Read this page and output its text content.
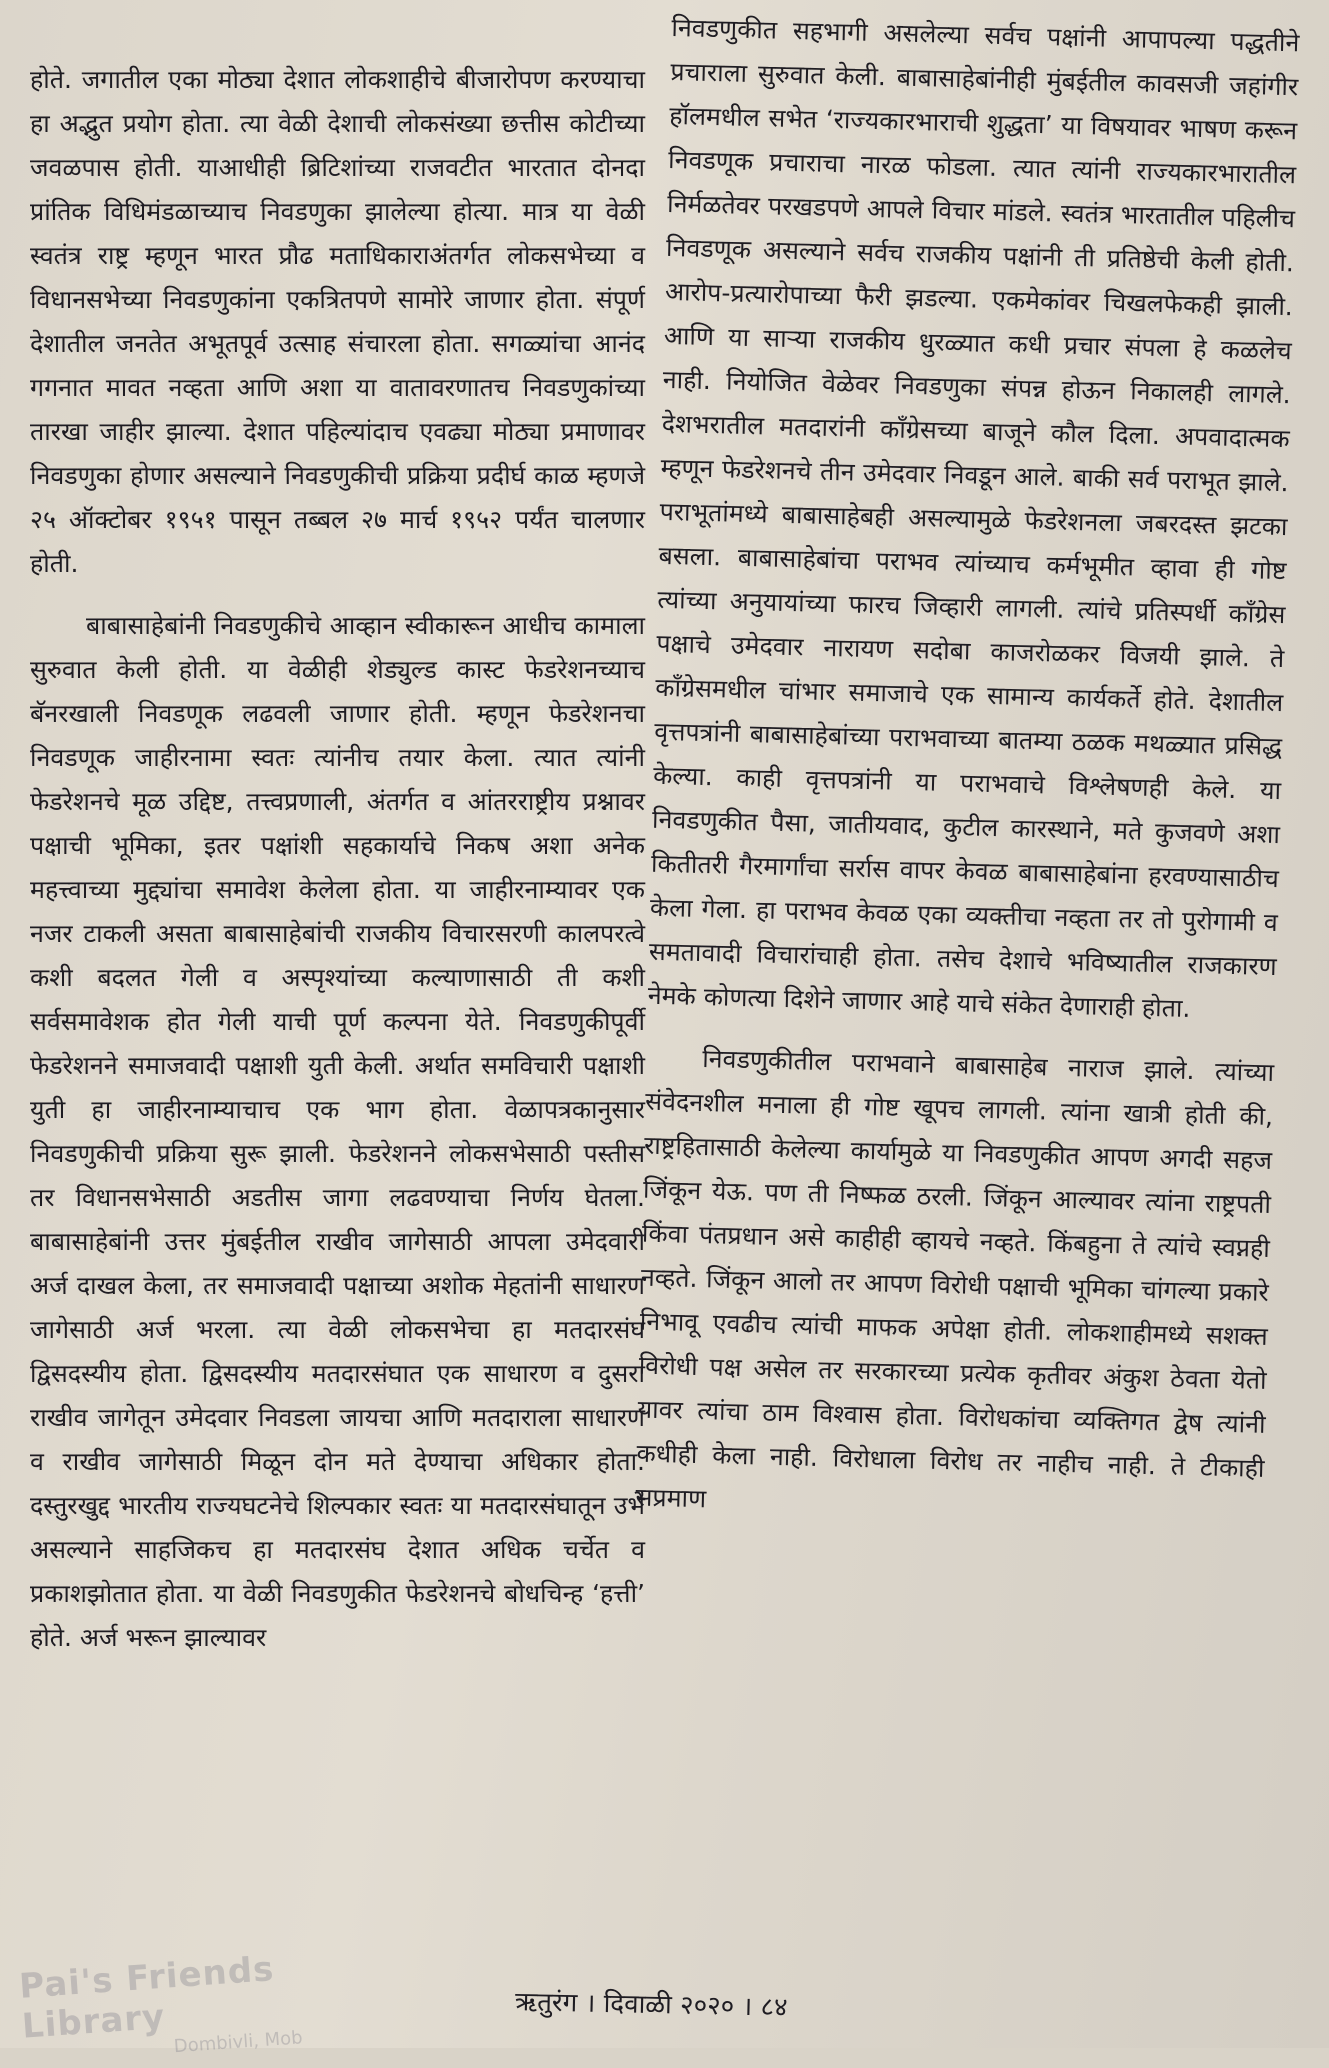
होते. जगातील एका मोठ्या देशात लोकशाहीचे बीजारोपण करण्याचा हा अद्भुत प्रयोग होता. त्या वेळी देशाची लोकसंख्या छत्तीस कोटीच्या जवळपास होती. याआधीही ब्रिटिशांच्या राजवटीत भारतात दोनदा प्रांतिक विधिमंडळाच्याच निवडणुका झालेल्या होत्या. मात्र या वेळी स्वतंत्र राष्ट्र म्हणून भारत प्रौढ मताधिकाराअंतर्गत लोकसभेच्या व विधानसभेच्या निवडणुकांना एकत्रितपणे सामोरे जाणार होता. संपूर्ण देशातील जनतेत अभूतपूर्व उत्साह संचारला होता. सगळ्यांचा आनंद गगनात मावत नव्हता आणि अशा या वातावरणातच निवडणुकांच्या तारखा जाहीर झाल्या. देशात पहिल्यांदाच एवढ्या मोठ्या प्रमाणावर निवडणुका होणार असल्याने निवडणुकीची प्रक्रिया प्रदीर्घ काळ म्हणजे २५ ऑक्टोबर १९५१ पासून तब्बल २७ मार्च १९५२ पर्यंत चालणार होती.

बाबासाहेबांनी निवडणुकीचे आव्हान स्वीकारून आधीच कामाला सुरुवात केली होती. या वेळीही शेड्युल्ड कास्ट फेडरेशनच्याच बॅनरखाली निवडणूक लढवली जाणार होती. म्हणून फेडरेशनचा निवडणूक जाहीरनामा स्वतः त्यांनीच तयार केला. त्यात त्यांनी फेडरेशनचे मूळ उद्दिष्ट, तत्त्वप्रणाली, अंतर्गत व आंतरराष्ट्रीय प्रश्नावर पक्षाची भूमिका, इतर पक्षांशी सहकार्याचे निकष अशा अनेक महत्त्वाच्या मुद्द्यांचा समावेश केलेला होता. या जाहीरनाम्यावर एक नजर टाकली असता बाबासाहेबांची राजकीय विचारसरणी कालपरत्वे कशी बदलत गेली व अस्पृश्यांच्या कल्याणासाठी ती कशी सर्वसमावेशक होत गेली याची पूर्ण कल्पना येते. निवडणुकीपूर्वी फेडरेशनने समाजवादी पक्षाशी युती केली. अर्थात समविचारी पक्षाशी युती हा जाहीरनाम्याचाच एक भाग होता. वेळापत्रकानुसार निवडणुकीची प्रक्रिया सुरू झाली. फेडरेशनने लोकसभेसाठी पस्तीस तर विधानसभेसाठी अडतीस जागा लढवण्याचा निर्णय घेतला. बाबासाहेबांनी उत्तर मुंबईतील राखीव जागेसाठी आपला उमेदवारी अर्ज दाखल केला, तर समाजवादी पक्षाच्या अशोक मेहतांनी साधारण जागेसाठी अर्ज भरला. त्या वेळी लोकसभेचा हा मतदारसंघ द्विसदस्यीय होता. द्विसदस्यीय मतदारसंघात एक साधारण व दुसरा राखीव जागेतून उमेदवार निवडला जायचा आणि मतदाराला साधारण व राखीव जागेसाठी मिळून दोन मते देण्याचा अधिकार होता. दस्तुरखुद्द भारतीय राज्यघटनेचे शिल्पकार स्वतः या मतदारसंघातून उभे असल्याने साहजिकच हा मतदारसंघ देशात अधिक चर्चेत व प्रकाशझोतात होता. या वेळी निवडणुकीत फेडरेशनचे बोधचिन्ह ‘हत्ती’ होते. अर्ज भरून झाल्यावर

निवडणुकीत सहभागी असलेल्या सर्वच पक्षांनी आपापल्या पद्धतीने प्रचाराला सुरुवात केली. बाबासाहेबांनीही मुंबईतील कावसजी जहांगीर हॉलमधील सभेत ‘राज्यकारभाराची शुद्धता’ या विषयावर भाषण करून निवडणूक प्रचाराचा नारळ फोडला. त्यात त्यांनी राज्यकारभारातील निर्मळतेवर परखडपणे आपले विचार मांडले. स्वतंत्र भारतातील पहिलीच निवडणूक असल्याने सर्वच राजकीय पक्षांनी ती प्रतिष्ठेची केली होती. आरोप-प्रत्यारोपाच्या फैरी झडल्या. एकमेकांवर चिखलफेकही झाली. आणि या साऱ्या राजकीय धुरळ्यात कधी प्रचार संपला हे कळलेच नाही. नियोजित वेळेवर निवडणुका संपन्न होऊन निकालही लागले. देशभरातील मतदारांनी काँग्रेसच्या बाजूने कौल दिला. अपवादात्मक म्हणून फेडरेशनचे तीन उमेदवार निवडून आले. बाकी सर्व पराभूत झाले. पराभूतांमध्ये बाबासाहेबही असल्यामुळे फेडरेशनला जबरदस्त झटका बसला. बाबासाहेबांचा पराभव त्यांच्याच कर्मभूमीत व्हावा ही गोष्ट त्यांच्या अनुयायांच्या फारच जिव्हारी लागली. त्यांचे प्रतिस्पर्धी काँग्रेस पक्षाचे उमेदवार नारायण सदोबा काजरोळकर विजयी झाले. ते काँग्रेसमधील चांभार समाजाचे एक सामान्य कार्यकर्ते होते. देशातील वृत्तपत्रांनी बाबासाहेबांच्या पराभवाच्या बातम्या ठळक मथळ्यात प्रसिद्ध केल्या. काही वृत्तपत्रांनी या पराभवाचे विश्लेषणही केले. या निवडणुकीत पैसा, जातीयवाद, कुटील कारस्थाने, मते कुजवणे अशा कितीतरी गैरमार्गांचा सर्रास वापर केवळ बाबासाहेबांना हरवण्यासाठीच केला गेला. हा पराभव केवळ एका व्यक्तीचा नव्हता तर तो पुरोगामी व समतावादी विचारांचाही होता. तसेच देशाचे भविष्यातील राजकारण नेमके कोणत्या दिशेने जाणार आहे याचे संकेत देणाराही होता.

निवडणुकीतील पराभवाने बाबासाहेब नाराज झाले. त्यांच्या संवेदनशील मनाला ही गोष्ट खूपच लागली. त्यांना खात्री होती की, राष्ट्रहितासाठी केलेल्या कार्यामुळे या निवडणुकीत आपण अगदी सहज जिंकून येऊ. पण ती निष्फळ ठरली. जिंकून आल्यावर त्यांना राष्ट्रपती किंवा पंतप्रधान असे काहीही व्हायचे नव्हते. किंबहुना ते त्यांचे स्वप्नही नव्हते. जिंकून आलो तर आपण विरोधी पक्षाची भूमिका चांगल्या प्रकारे निभावू एवढीच त्यांची माफक अपेक्षा होती. लोकशाहीमध्ये सशक्त विरोधी पक्ष असेल तर सरकारच्या प्रत्येक कृतीवर अंकुश ठेवता येतो यावर त्यांचा ठाम विश्वास होता. विरोधकांचा व्यक्तिगत द्वेष त्यांनी कधीही केला नाही. विरोधाला विरोध तर नाहीच नाही. ते टीकाही सप्रमाण

Pai's Friends Library Dombivli, Mob
ऋतुरंग । दिवाळी २०२० । ८४
